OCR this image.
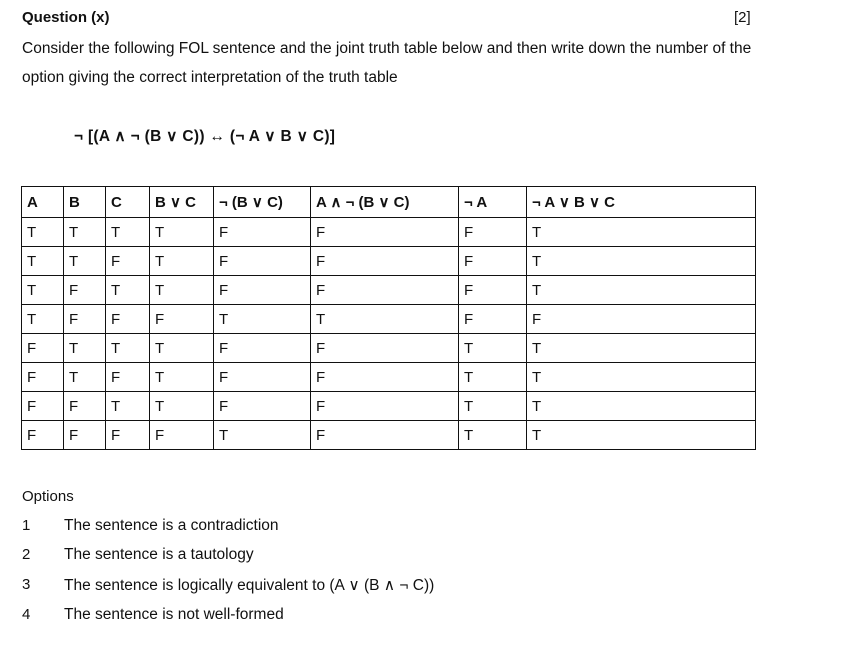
Question (x)	[2]
Consider the following FOL sentence and the joint truth table below and then write down the number of the
option giving the correct interpretation of the truth table
¬ [(A ∧ ¬ (B ∨ C)) ↔ (¬ A ∨ B ∨ C)]
A	B	C	B ∨ C	¬ (B ∨ C)	A ∧ ¬ (B ∨ C)	¬ A	¬ A ∨ B ∨ C
T	T	T	T	F	F	F	T
T	T	F	T	F	F	F	T
T	F	T	T	F	F	F	T
T	F	F	F	T	T	F	F
F	T	T	T	F	F	T	T
F	T	F	T	F	F	T	T
F	F	T	T	F	F	T	T
F	F	F	F	T	F	T	T
Options
1 The sentence is a contradiction
2 The sentence is a tautology
3 The sentence is logically equivalent to (A ∨ (B ∧ ¬ C))
4 The sentence is not well-formed
